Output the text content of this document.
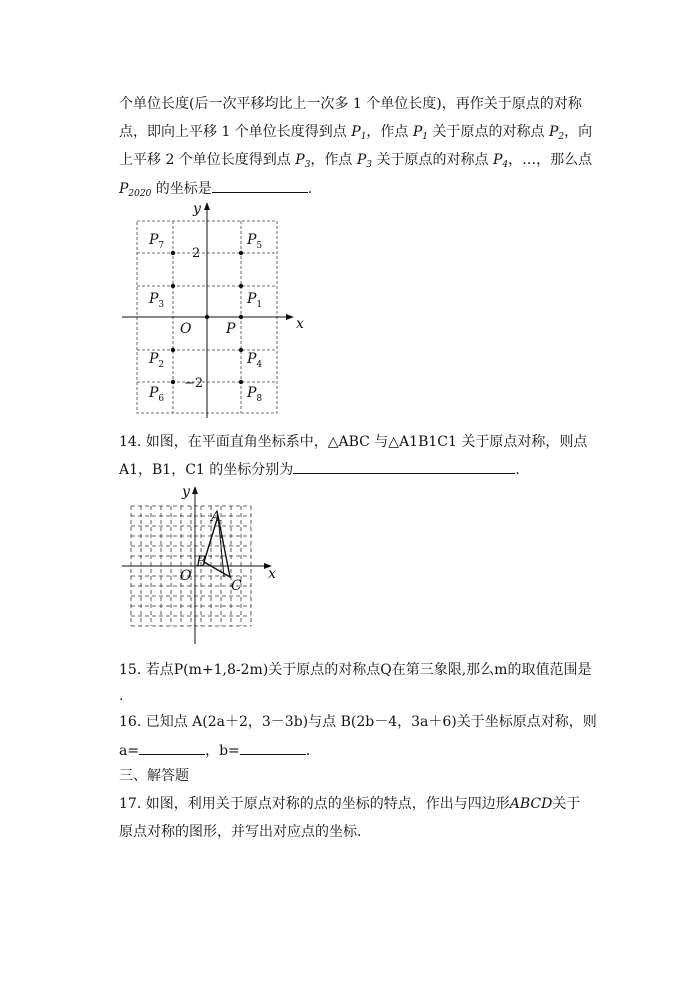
个单位长度(后一次平移均比上一次多 1 个单位长度)，再作关于原点的对称
点，即向上平移 1 个单位长度得到点 $P_1$，作点 $P_1$ 关于原点的对称点 $P_2$，向
上平移 2 个单位长度得到点 $P_3$，作点 $P_3$ 关于原点的对称点 $P_4$，…，那么点
$P_{2020}$ 的坐标是	.
x
y
O P
2
−2
$P_7$	$P_5$
$P_3$	$P_1$
$P_2$	$P_4$
$P_6$	$P_8$
14. 如图，在平面直角坐标系中，△ABC 与△A1B1C1 关于原点对称，则点
A1，B1，C1 的坐标分别为	.
x
y
O
A
B
C
15. 若点P(m+1,8-2m)关于原点的对称点Q在第三象限,那么m的取值范围是
.
16. 已知点 A(2a＋2，3－3b)与点 B(2b－4，3a＋6)关于坐标原点对称，则
a=	，b=	.
三、解答题
17. 如图，利用关于原点对称的点的坐标的特点，作出与四边形ABCD关于
原点对称的图形，并写出对应点的坐标.
